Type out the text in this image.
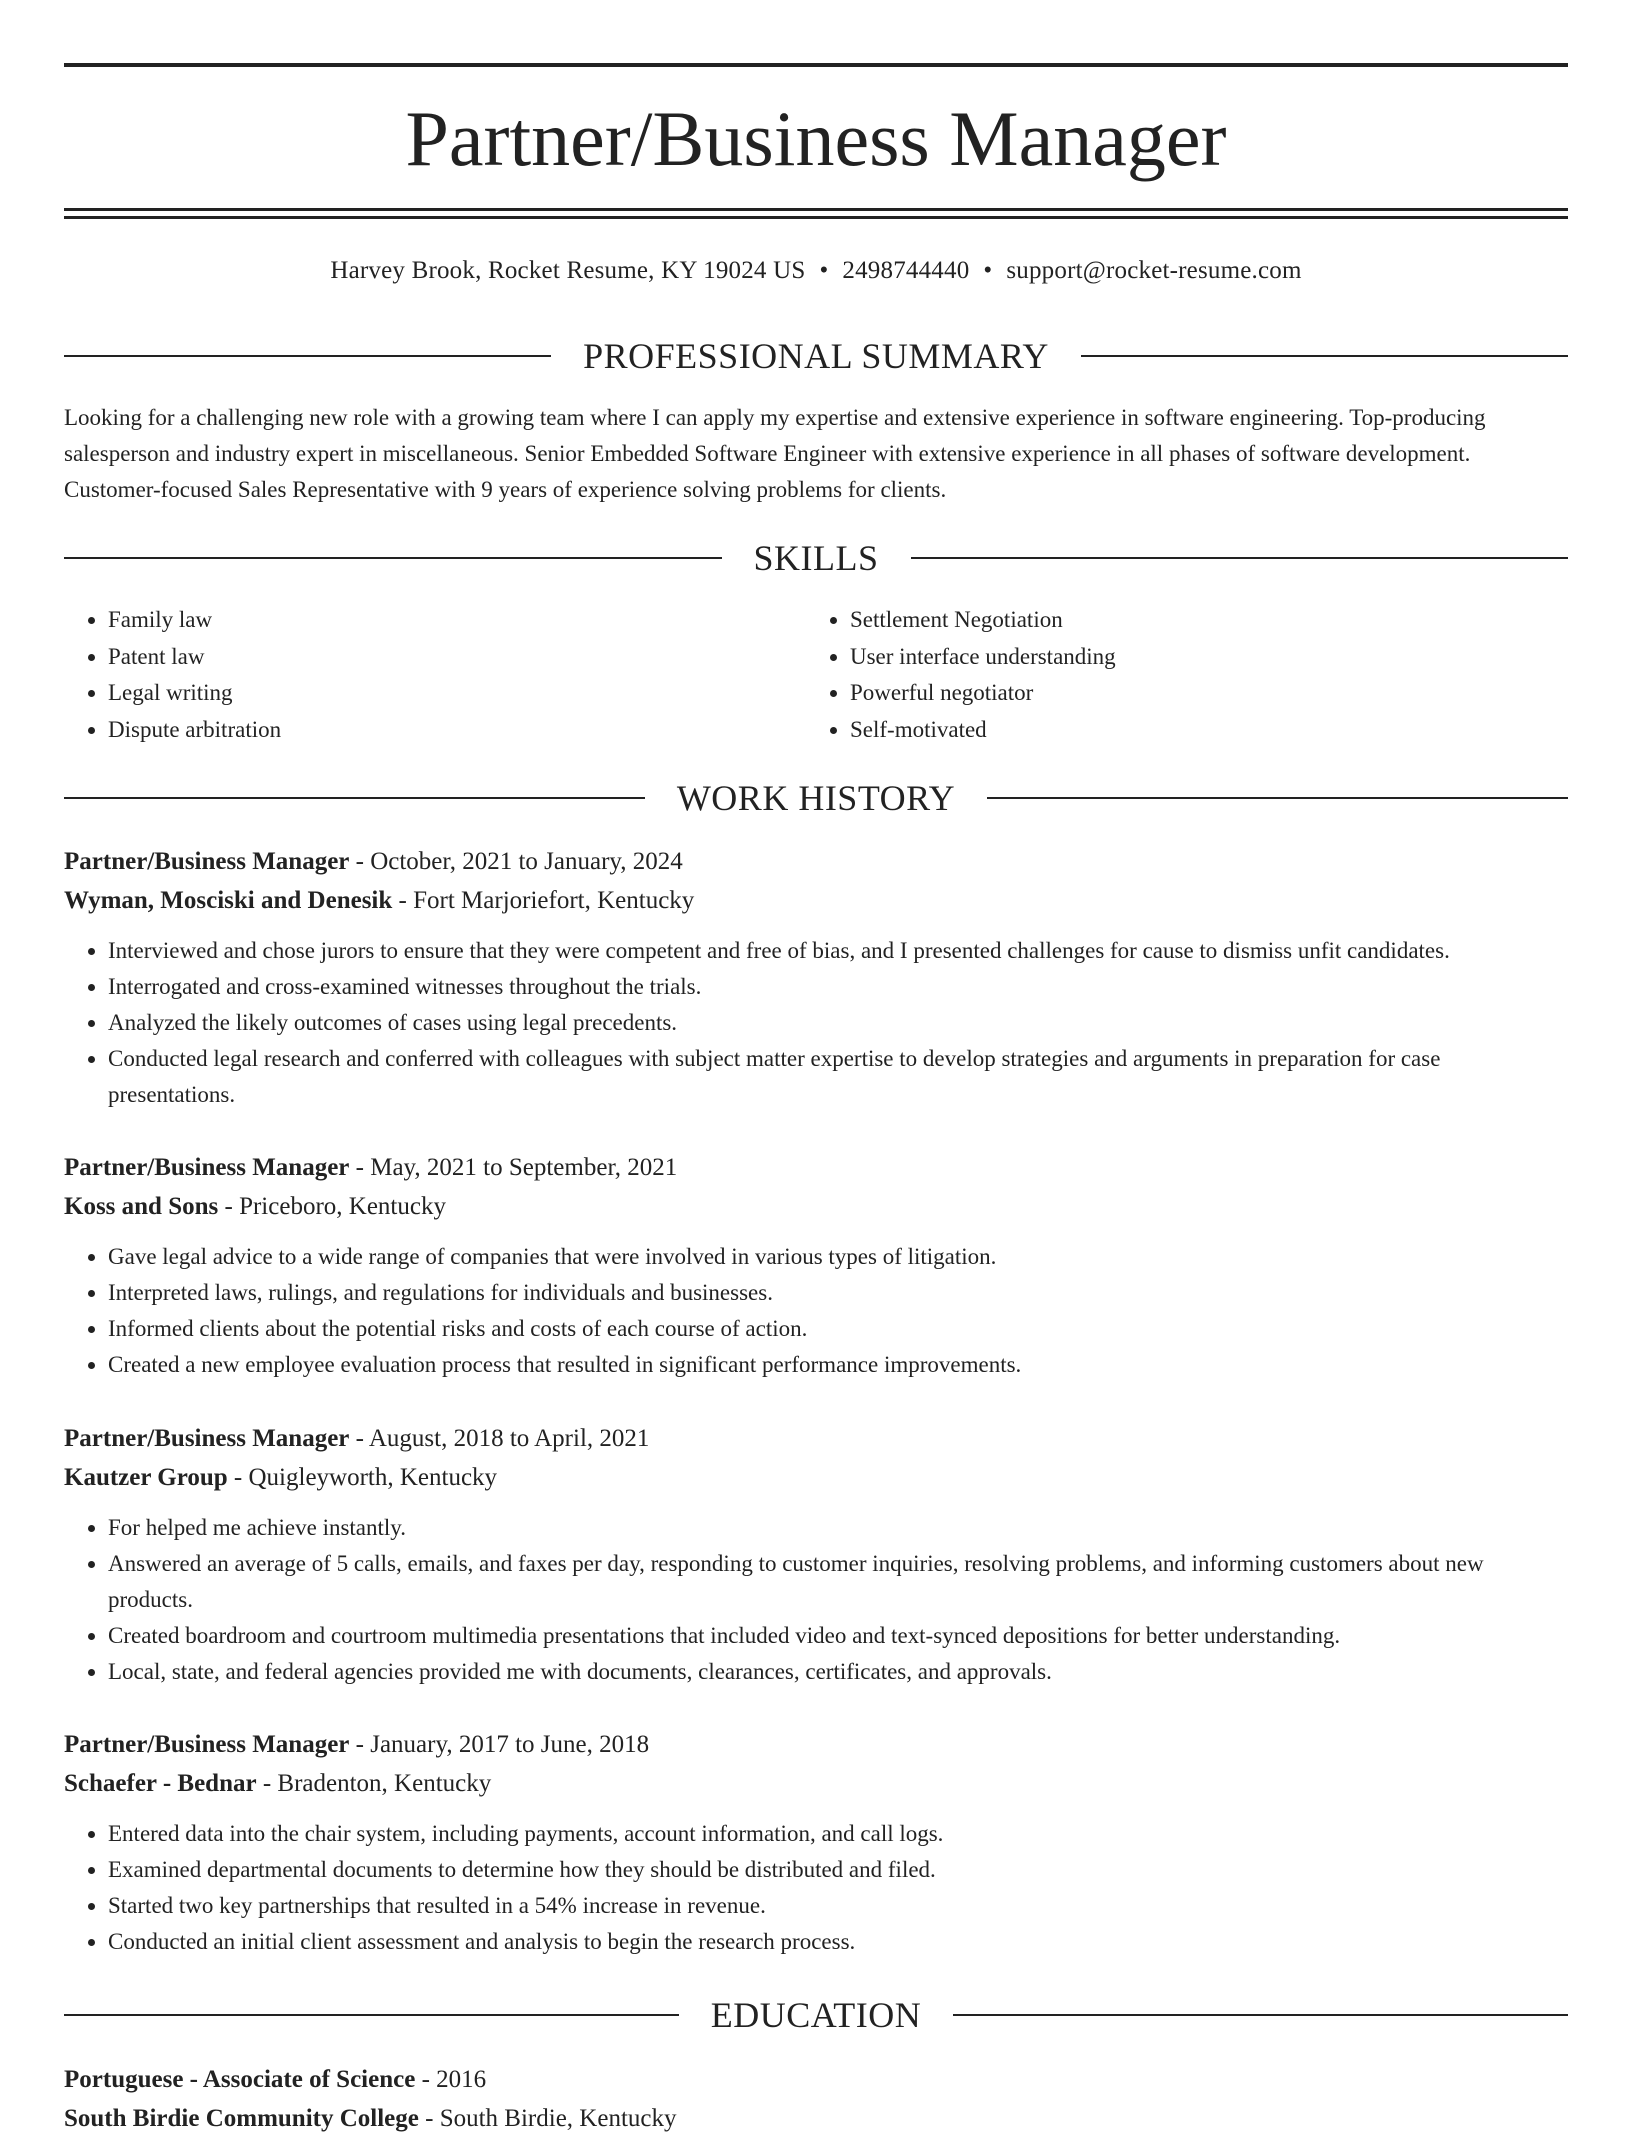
Partner/Business Manager
Harvey Brook, Rocket Resume, KY 19024 US • 2498744440 • support@rocket-resume.com
PROFESSIONAL SUMMARY

Looking for a challenging new role with a growing team where I can apply my expertise and extensive experience in software engineering. Top-producing salesperson and industry expert in miscellaneous. Senior Embedded Software Engineer with extensive experience in all phases of software development. Customer-focused Sales Representative with 9 years of experience solving problems for clients.

SKILLS
• Family law
• Patent law
• Legal writing
• Dispute arbitration
• Settlement Negotiation
• User interface understanding
• Powerful negotiator
• Self-motivated
WORK HISTORY
Partner/Business Manager - October, 2021 to January, 2024
Wyman, Mosciski and Denesik - Fort Marjoriefort, Kentucky
• Interviewed and chose jurors to ensure that they were competent and free of bias, and I presented challenges for cause to dismiss unfit candidates.
• Interrogated and cross-examined witnesses throughout the trials.
• Analyzed the likely outcomes of cases using legal precedents.
• Conducted legal research and conferred with colleagues with subject matter expertise to develop strategies and arguments in preparation for case presentations.
Partner/Business Manager - May, 2021 to September, 2021
Koss and Sons - Priceboro, Kentucky
• Gave legal advice to a wide range of companies that were involved in various types of litigation.
• Interpreted laws, rulings, and regulations for individuals and businesses.
• Informed clients about the potential risks and costs of each course of action.
• Created a new employee evaluation process that resulted in significant performance improvements.
Partner/Business Manager - August, 2018 to April, 2021
Kautzer Group - Quigleyworth, Kentucky
• For helped me achieve instantly.
• Answered an average of 5 calls, emails, and faxes per day, responding to customer inquiries, resolving problems, and informing customers about new products.
• Created boardroom and courtroom multimedia presentations that included video and text-synced depositions for better understanding.
• Local, state, and federal agencies provided me with documents, clearances, certificates, and approvals.
Partner/Business Manager - January, 2017 to June, 2018
Schaefer - Bednar - Bradenton, Kentucky
• Entered data into the chair system, including payments, account information, and call logs.
• Examined departmental documents to determine how they should be distributed and filed.
• Started two key partnerships that resulted in a 54% increase in revenue.
• Conducted an initial client assessment and analysis to begin the research process.
EDUCATION
Portuguese - Associate of Science - 2016
South Birdie Community College - South Birdie, Kentucky
